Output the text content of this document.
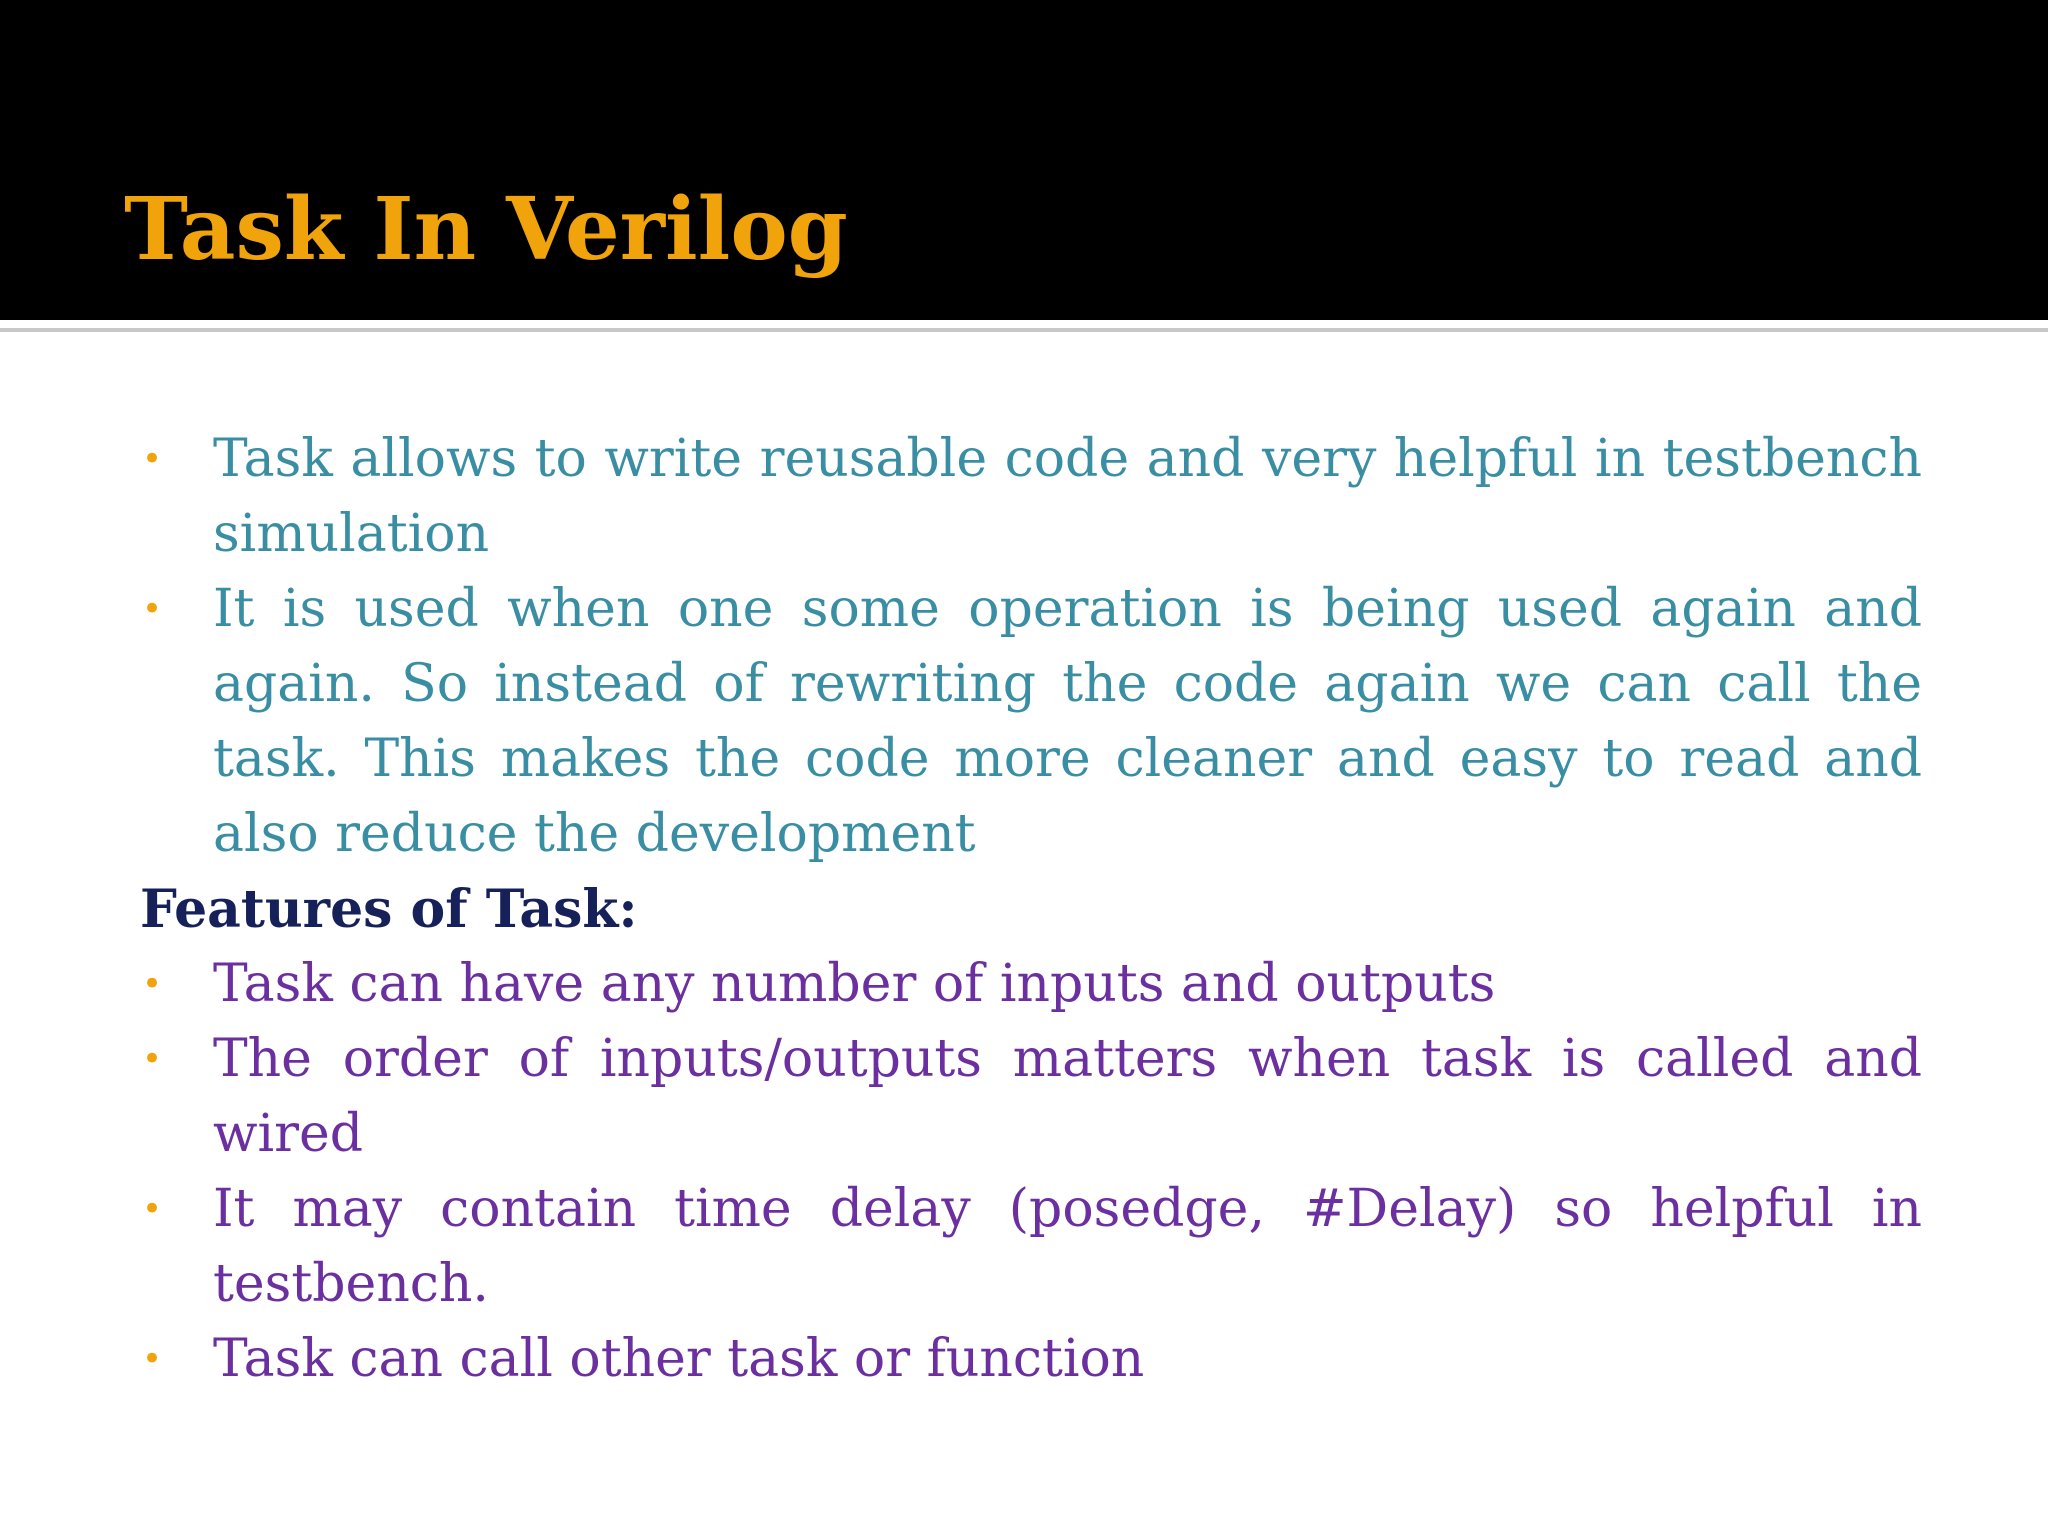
Task In Verilog
• Task allows to write reusable code and very helpful in testbench simulation
• It is used when one some operation is being used again and again. So instead of rewriting the code again we can call the task. This makes the code more cleaner and easy to read and also reduce the development

Features of Task:

• Task can have any number of inputs and outputs
• The order of inputs/outputs matters when task is called and wired
• It may contain time delay (posedge, #Delay) so helpful in testbench.
• Task can call other task or function
